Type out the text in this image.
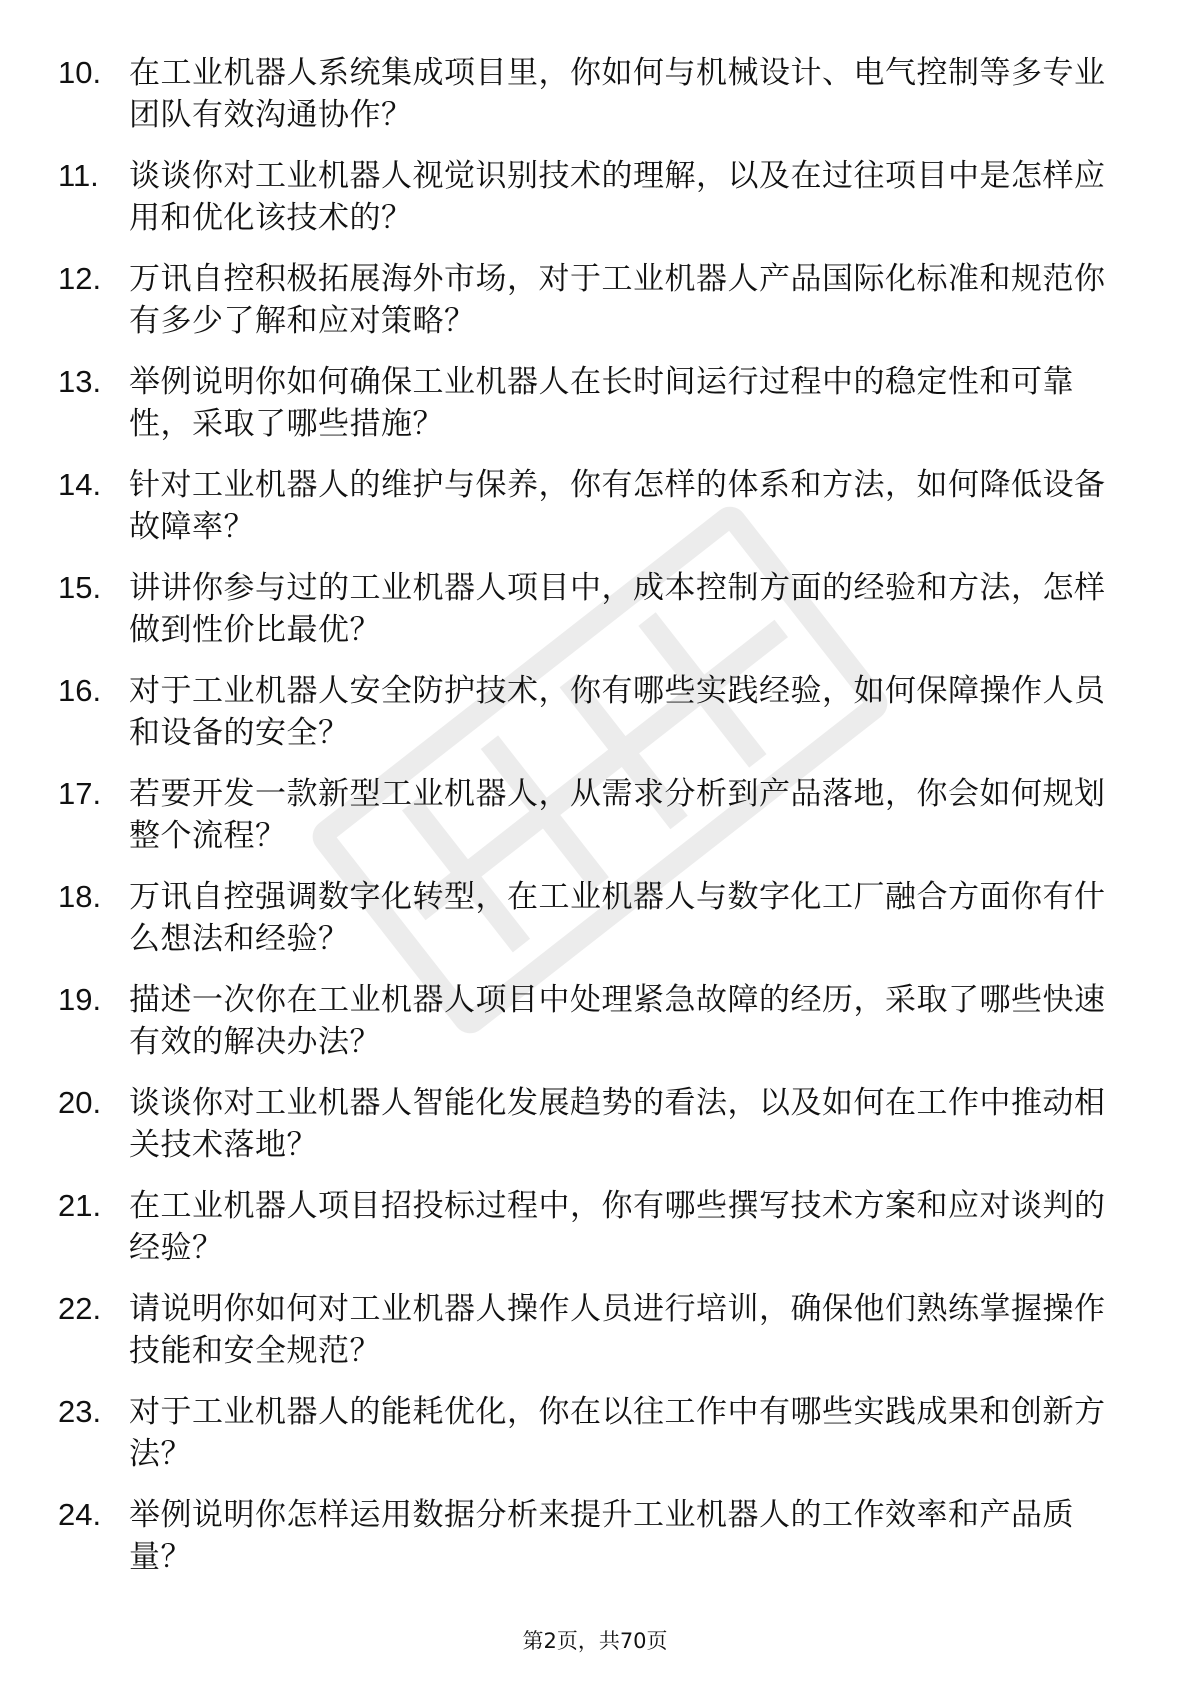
10. 在工业机器人系统集成项目里，你如何与机械设计、电气控制等多专业团队有效沟通协作？
11. 谈谈你对工业机器人视觉识别技术的理解，以及在过往项目中是怎样应用和优化该技术的？
12. 万讯自控积极拓展海外市场，对于工业机器人产品国际化标准和规范你有多少了解和应对策略？
13. 举例说明你如何确保工业机器人在长时间运行过程中的稳定性和可靠性，采取了哪些措施？
14. 针对工业机器人的维护与保养，你有怎样的体系和方法，如何降低设备故障率？
15. 讲讲你参与过的工业机器人项目中，成本控制方面的经验和方法，怎样做到性价比最优？
16. 对于工业机器人安全防护技术，你有哪些实践经验，如何保障操作人员和设备的安全？
17. 若要开发一款新型工业机器人，从需求分析到产品落地，你会如何规划整个流程？
18. 万讯自控强调数字化转型，在工业机器人与数字化工厂融合方面你有什么想法和经验？
19. 描述一次你在工业机器人项目中处理紧急故障的经历，采取了哪些快速有效的解决办法？
20. 谈谈你对工业机器人智能化发展趋势的看法，以及如何在工作中推动相关技术落地？
21. 在工业机器人项目招投标过程中，你有哪些撰写技术方案和应对谈判的经验？
22. 请说明你如何对工业机器人操作人员进行培训，确保他们熟练掌握操作技能和安全规范？
23. 对于工业机器人的能耗优化，你在以往工作中有哪些实践成果和创新方法？
24. 举例说明你怎样运用数据分析来提升工业机器人的工作效率和产品质量？
第2页，共70页
